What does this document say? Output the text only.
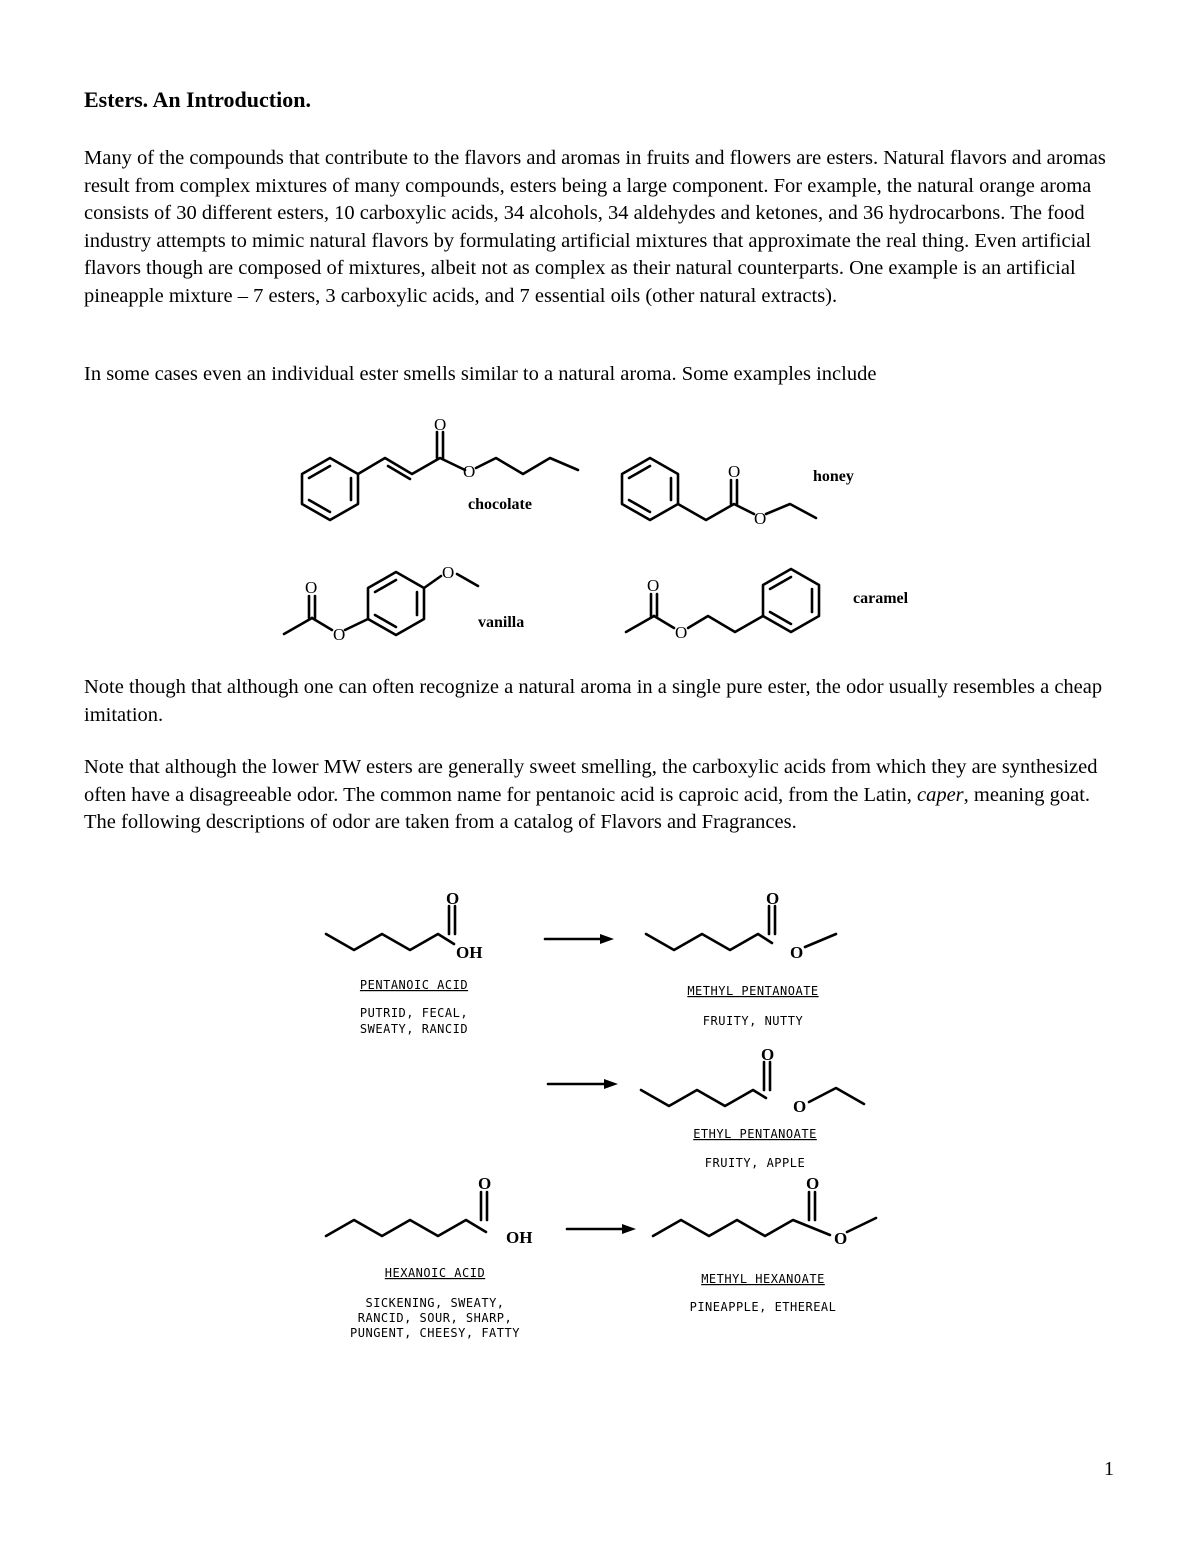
Esters. An Introduction.

Many of the compounds that contribute to the flavors and aromas in fruits and flowers are esters. Natural flavors and aromas result from complex mixtures of many compounds, esters being a large component. For example, the natural orange aroma consists of 30 different esters, 10 carboxylic acids, 34 alcohols, 34 aldehydes and ketones, and 36 hydrocarbons. The food industry attempts to mimic natural flavors by formulating artificial mixtures that approximate the real thing. Even artificial flavors though are composed of mixtures, albeit not as complex as their natural counterparts. One example is an artificial pineapple mixture – 7 esters, 3 carboxylic acids, and 7 essential oils (other natural extracts).

In some cases even an individual ester smells similar to a natural aroma. Some examples include

Note though that although one can often recognize a natural aroma in a single pure ester, the odor usually resembles a cheap imitation.

Note that although the lower MW esters are generally sweet smelling, the carboxylic acids from which they are synthesized often have a disagreeable odor. The common name for pentanoic acid is caproic acid, from the Latin, caper, meaning goat. The following descriptions of odor are taken from a catalog of Flavors and Fragrances.

1

O
O
chocolate
O
O
honey
O
O
O
vanilla
O
O
caramel
O
OH
PENTANOIC ACID
PUTRID, FECAL,
SWEATY, RANCID
O
O
METHYL PENTANOATE
FRUITY, NUTTY
O
O
ETHYL PENTANOATE
FRUITY, APPLE
O
OH
HEXANOIC ACID
SICKENING, SWEATY,
RANCID, SOUR, SHARP,
PUNGENT, CHEESY, FATTY
O
O
METHYL HEXANOATE
PINEAPPLE, ETHEREAL
